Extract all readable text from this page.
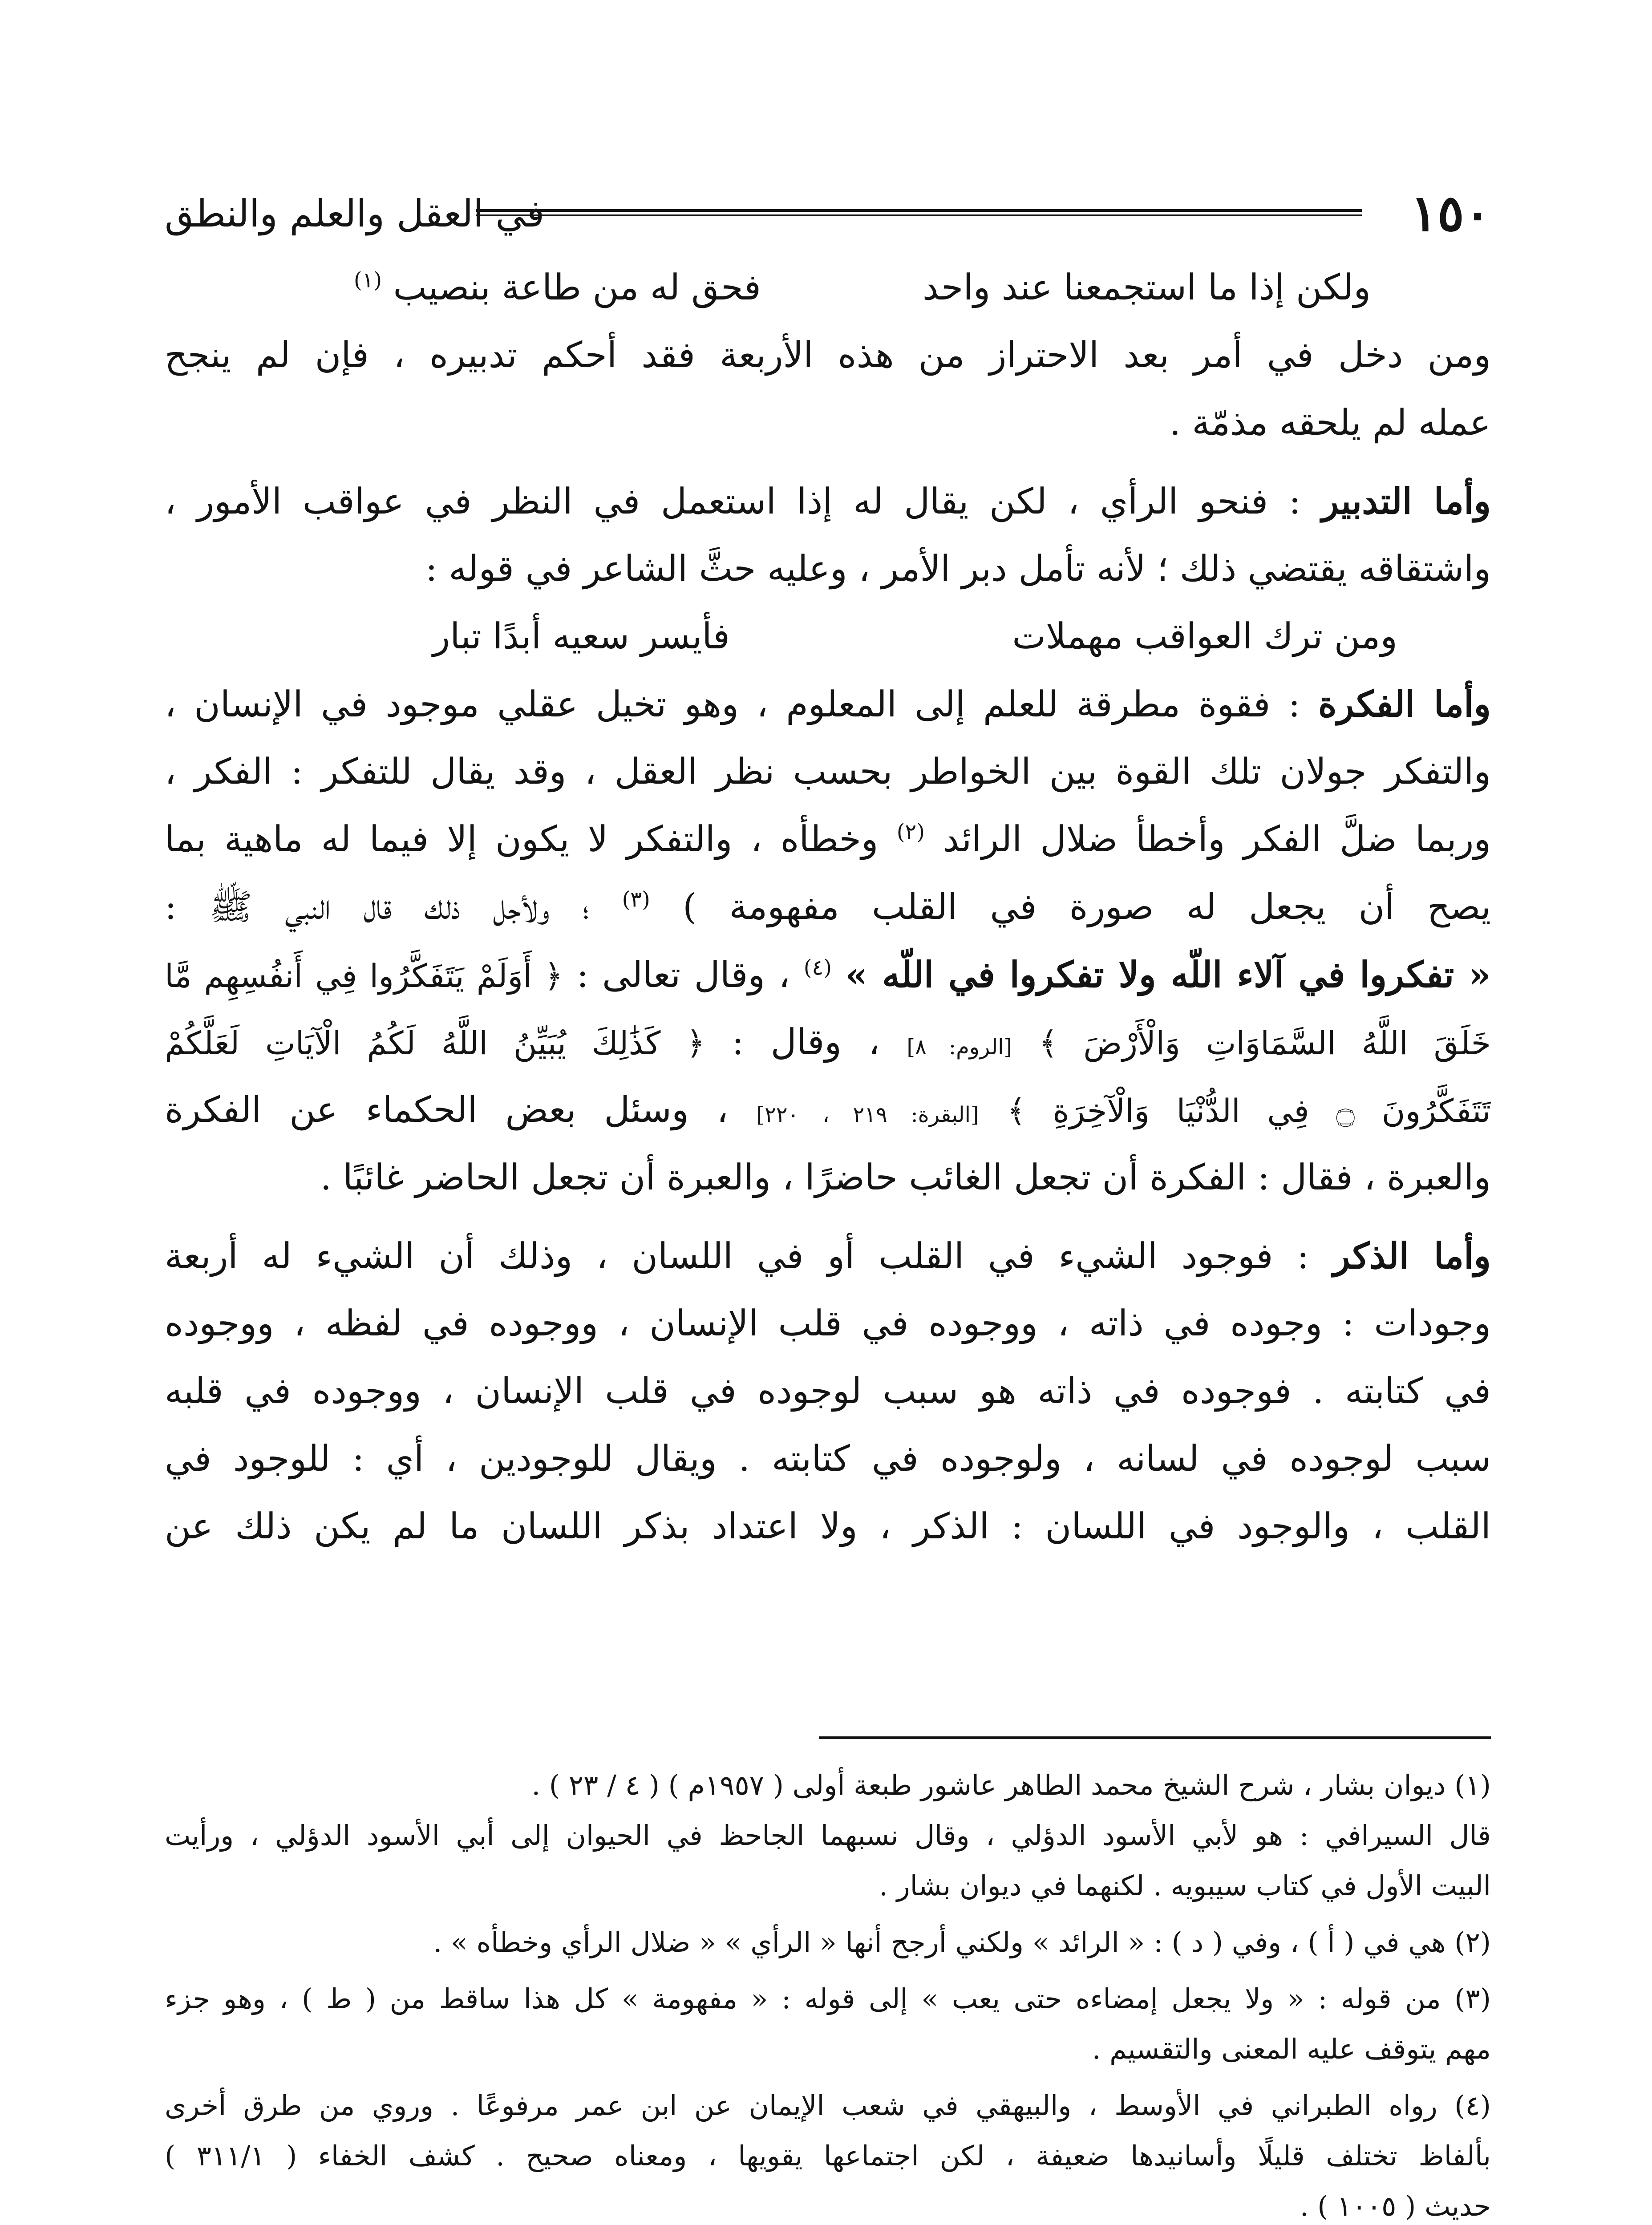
١٥٠
في العقل والعلم والنطق
ولكن إذا ما استجمعنا عند واحد
فحق له من طاعة بنصيب $^{(١)}$
ومن دخل في أمر بعد الاحتراز من هذه الأربعة فقد أحكم تدبيره ، فإن لم ينجح
عمله لم يلحقه مذمّة .
وأما التدبير : فنحو الرأي ، لكن يقال له إذا استعمل في النظر في عواقب الأمور ،
واشتقاقه يقتضي ذلك ؛ لأنه تأمل دبر الأمر ، وعليه حثَّ الشاعر في قوله :
ومن ترك العواقب مهملات
فأيسر سعيه أبدًا تبار
وأما الفكرة : فقوة مطرقة للعلم إلى المعلوم ، وهو تخيل عقلي موجود في الإنسان ،
والتفكر جولان تلك القوة بين الخواطر بحسب نظر العقل ، وقد يقال للتفكر : الفكر ،
وربما ضلَّ الفكر وأخطأ ضلال الرائد $^{(٢)}$ وخطأه ، والتفكر لا يكون إلا فيما له ماهية بما
يصح أن يجعل له صورة في القلب مفهومة ) $^{(٣)}$ ؛ ولأجل ذلك قال النبي ﷺ :
« تفكروا في آلاء اللّه ولا تفكروا في اللّه » $^{(٤)}$ ، وقال تعالى : ﴿ أَوَلَمْ يَتَفَكَّرُوا فِي أَنفُسِهِم مَّا
خَلَقَ اللَّهُ السَّمَاوَاتِ وَالْأَرْضَ ﴾ [الروم: ٨] ، وقال : ﴿ كَذَٰلِكَ يُبَيِّنُ اللَّهُ لَكُمُ الْآيَاتِ لَعَلَّكُمْ
تَتَفَكَّرُونَ ۝ فِي الدُّنْيَا وَالْآخِرَةِ ﴾ [البقرة: ٢١٩ ، ٢٢٠] ، وسئل بعض الحكماء عن الفكرة
والعبرة ، فقال : الفكرة أن تجعل الغائب حاضرًا ، والعبرة أن تجعل الحاضر غائبًا .
وأما الذكر : فوجود الشيء في القلب أو في اللسان ، وذلك أن الشيء له أربعة
وجودات : وجوده في ذاته ، ووجوده في قلب الإنسان ، ووجوده في لفظه ، ووجوده
في كتابته . فوجوده في ذاته هو سبب لوجوده في قلب الإنسان ، ووجوده في قلبه
سبب لوجوده في لسانه ، ولوجوده في كتابته . ويقال للوجودين ، أي : للوجود في
القلب ، والوجود في اللسان : الذكر ، ولا اعتداد بذكر اللسان ما لم يكن ذلك عن
(١) ديوان بشار ، شرح الشيخ محمد الطاهر عاشور طبعة أولى ( ١٩٥٧م ) ( ٤ / ٢٣ ) .
قال السيرافي : هو لأبي الأسود الدؤلي ، وقال نسبهما الجاحظ في الحيوان إلى أبي الأسود الدؤلي ، ورأيت
البيت الأول في كتاب سيبويه . لكنهما في ديوان بشار .
(٢) هي في ( أ ) ، وفي ( د ) : « الرائد » ولكني أرجح أنها « الرأي » « ضلال الرأي وخطأه » .
(٣) من قوله : « ولا يجعل إمضاءه حتى يعب » إلى قوله : « مفهومة » كل هذا ساقط من ( ط ) ، وهو جزء
مهم يتوقف عليه المعنى والتقسيم .
(٤) رواه الطبراني في الأوسط ، والبيهقي في شعب الإيمان عن ابن عمر مرفوعًا . وروي من طرق أخرى
بألفاظ تختلف قليلًا وأسانيدها ضعيفة ، لكن اجتماعها يقويها ، ومعناه صحيح . كشف الخفاء ( ٣١١/١ )
حديث ( ١٠٠٥ ) .
